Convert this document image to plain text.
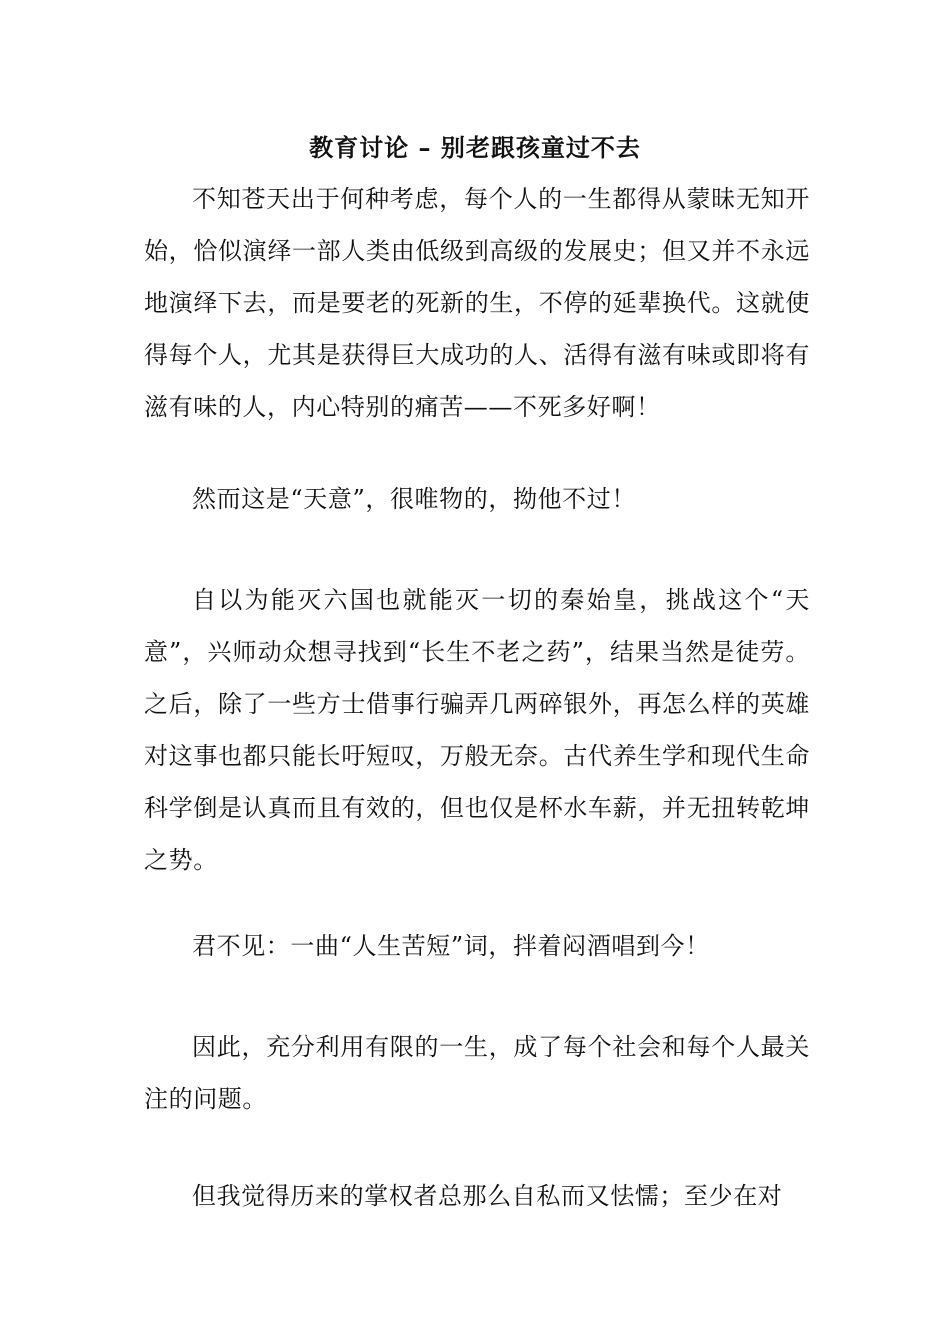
教育讨论 – 别老跟孩童过不去

不知苍天出于何种考虑，每个人的一生都得从蒙昧无知开始，恰似演绎一部人类由低级到高级的发展史；但又并不永远地演绎下去，而是要老的死新的生，不停的延辈换代。这就使得每个人，尤其是获得巨大成功的人、活得有滋有味或即将有滋有味的人，内心特别的痛苦——不死多好啊！

然而这是“天意”，很唯物的，拗他不过！

自以为能灭六国也就能灭一切的秦始皇，挑战这个“天意”，兴师动众想寻找到“长生不老之药”，结果当然是徒劳。之后，除了一些方士借事行骗弄几两碎银外，再怎么样的英雄对这事也都只能长吁短叹，万般无奈。古代养生学和现代生命科学倒是认真而且有效的，但也仅是杯水车薪，并无扭转乾坤之势。

君不见：一曲“人生苦短”词，拌着闷酒唱到今！

因此，充分利用有限的一生，成了每个社会和每个人最关注的问题。

但我觉得历来的掌权者总那么自私而又怯懦；至少在对
